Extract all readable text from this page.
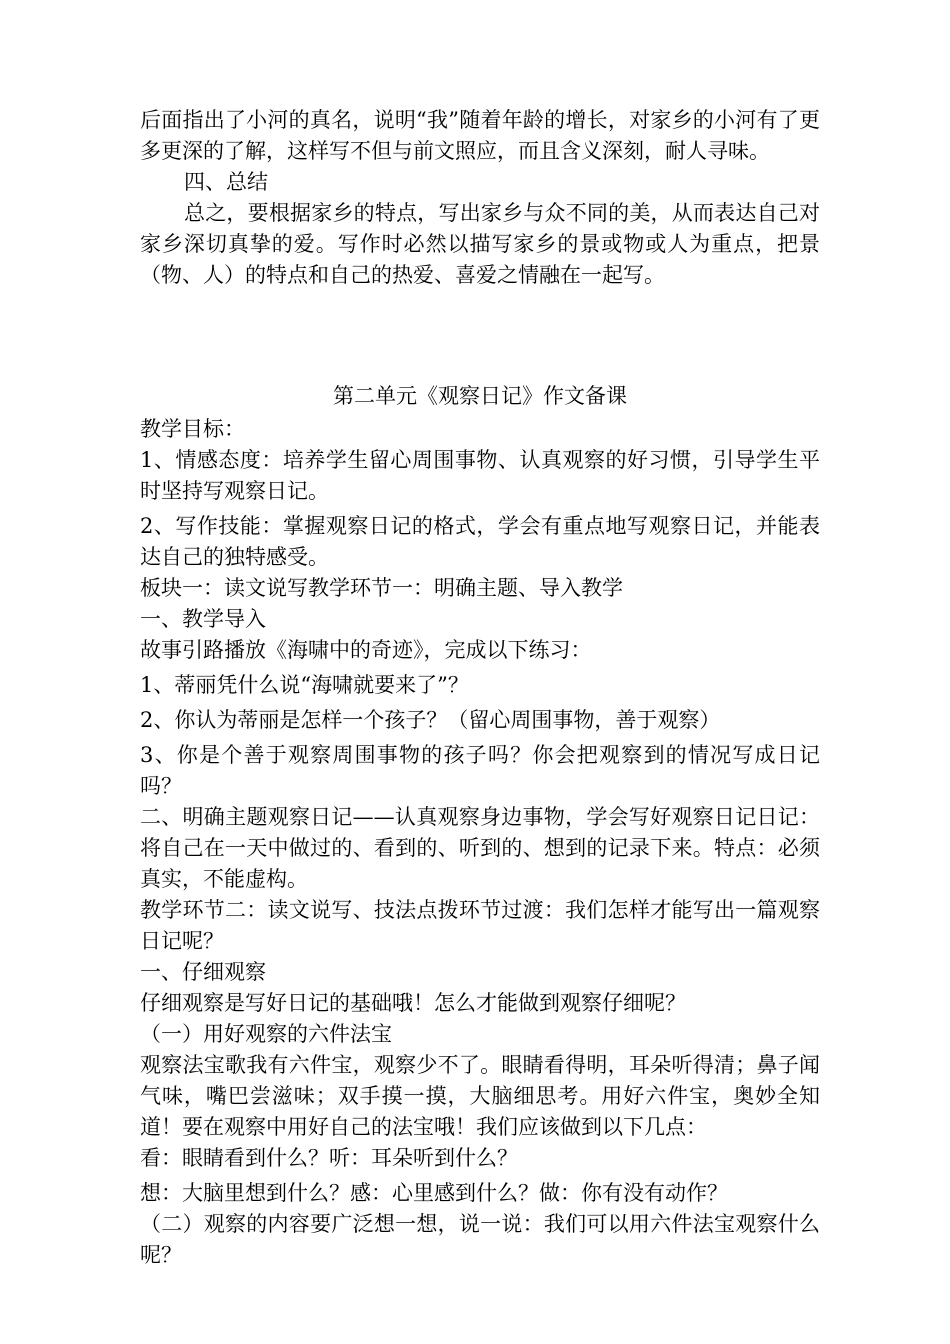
后面指出了小河的真名，说明“我”随着年龄的增长，对家乡的小河有了更多更深的了解，这样写不但与前文照应，而且含义深刻，耐人寻味。

四、总结

总之，要根据家乡的特点，写出家乡与众不同的美，从而表达自己对家乡深切真挚的爱。写作时必然以描写家乡的景或物或人为重点，把景（物、人）的特点和自己的热爱、喜爱之情融在一起写。

第二单元《观察日记》作文备课

教学目标：

1、情感态度：培养学生留心周围事物、认真观察的好习惯，引导学生平时坚持写观察日记。

2、写作技能：掌握观察日记的格式，学会有重点地写观察日记，并能表达自己的独特感受。

板块一：读文说写教学环节一：明确主题、导入教学

一、教学导入

故事引路播放《海啸中的奇迹》，完成以下练习：

1、蒂丽凭什么说“海啸就要来了”？

2、你认为蒂丽是怎样一个孩子？（留心周围事物，善于观察）

3、你是个善于观察周围事物的孩子吗？你会把观察到的情况写成日记吗？

二、明确主题观察日记——认真观察身边事物，学会写好观察日记日记：将自己在一天中做过的、看到的、听到的、想到的记录下来。特点：必须真实，不能虚构。

教学环节二：读文说写、技法点拨环节过渡：我们怎样才能写出一篇观察日记呢？

一、仔细观察

仔细观察是写好日记的基础哦！怎么才能做到观察仔细呢？

（一）用好观察的六件法宝

观察法宝歌我有六件宝，观察少不了。眼睛看得明，耳朵听得清；鼻子闻气味，嘴巴尝滋味；双手摸一摸，大脑细思考。用好六件宝，奥妙全知道！要在观察中用好自己的法宝哦！我们应该做到以下几点：

看：眼睛看到什么？听：耳朵听到什么？

想：大脑里想到什么？感：心里感到什么？做：你有没有动作？

（二）观察的内容要广泛想一想，说一说：我们可以用六件法宝观察什么呢？
